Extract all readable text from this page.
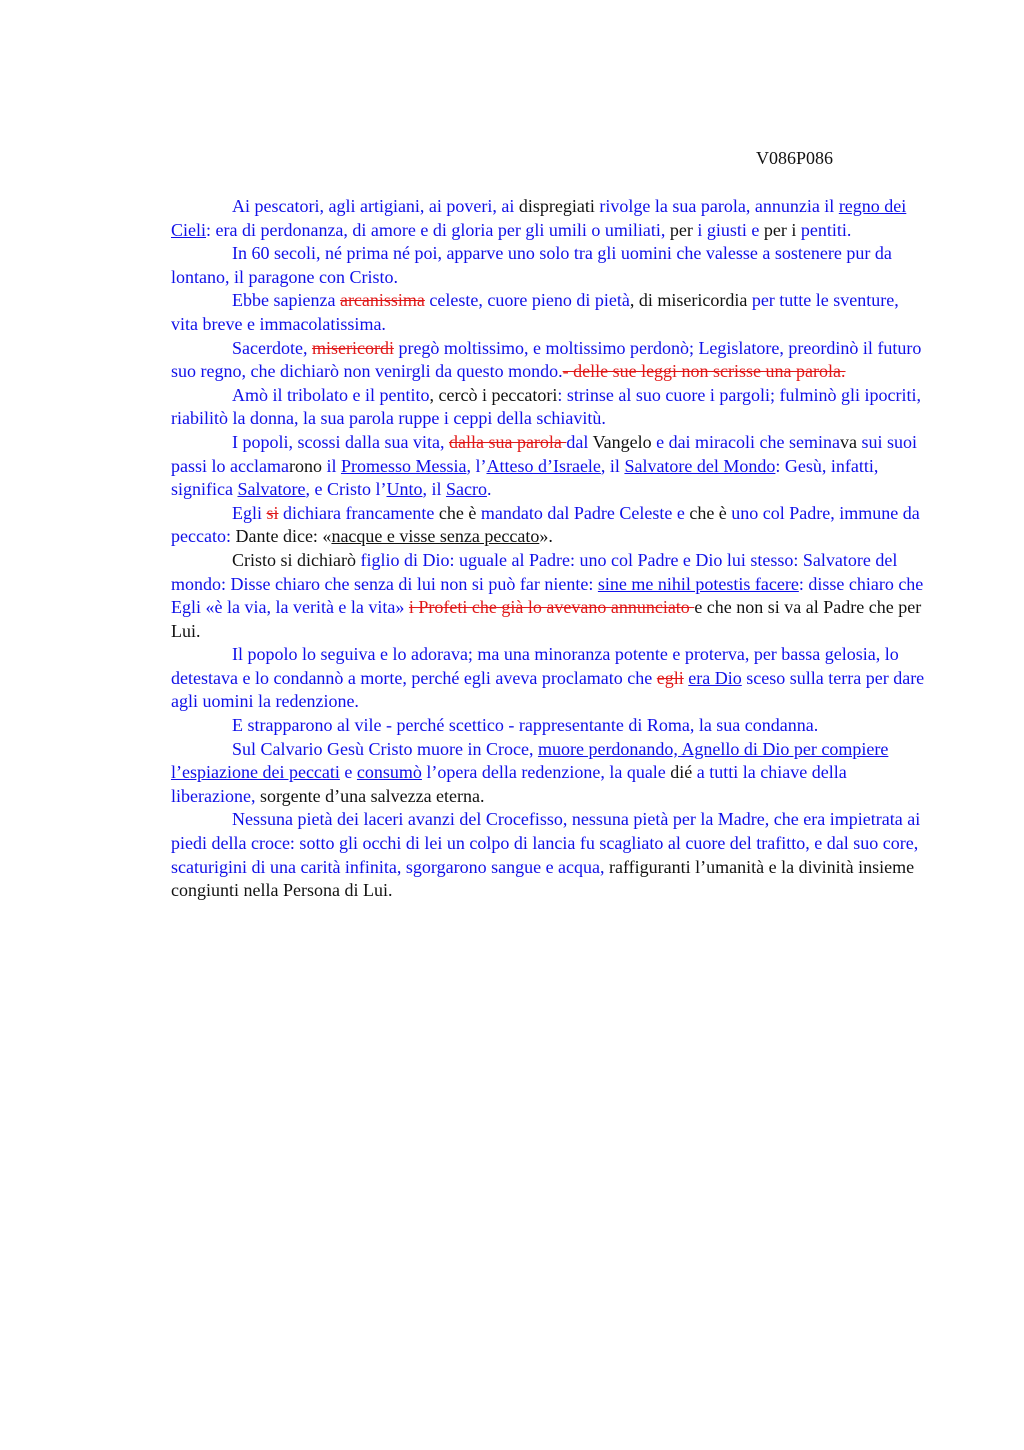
V086P086

Ai pescatori, agli artigiani, ai poveri, ai dispregiati rivolge la sua parola, annunzia il regno dei Cieli: era di perdonanza, di amore e di gloria per gli umili o umiliati, per i giusti e per i pentiti.

In 60 secoli, né prima né poi, apparve uno solo tra gli uomini che valesse a sostenere pur da lontano, il paragone con Cristo.

Ebbe sapienza arcanissima celeste, cuore pieno di pietà, di misericordia per tutte le sventure, vita breve e immacolatissima.

Sacerdote, misericordi pregò moltissimo, e moltissimo perdonò; Legislatore, preordinò il futuro suo regno, che dichiarò non venirgli da questo mondo.- delle sue leggi non scrisse una parola.

Amò il tribolato e il pentito, cercò i peccatori: strinse al suo cuore i pargoli; fulminò gli ipocriti, riabilitò la donna, la sua parola ruppe i ceppi della schiavitù.

I popoli, scossi dalla sua vita, dalla sua parola dal Vangelo e dai miracoli che seminava sui suoi passi lo acclamarono il Promesso Messia, l’Atteso d’Israele, il Salvatore del Mondo: Gesù, infatti, significa Salvatore, e Cristo l’Unto, il Sacro.

Egli si dichiara francamente che è mandato dal Padre Celeste e che è uno col Padre, immune da peccato: Dante dice: «nacque e visse senza peccato».

Cristo si dichiarò figlio di Dio: uguale al Padre: uno col Padre e Dio lui stesso: Salvatore del mondo: Disse chiaro che senza di lui non si può far niente: sine me nihil potestis facere: disse chiaro che Egli «è la via, la verità e la vita» i Profeti che già lo avevano annunciato e che non si va al Padre che per Lui.

Il popolo lo seguiva e lo adorava; ma una minoranza potente e proterva, per bassa gelosia, lo detestava e lo condannò a morte, perché egli aveva proclamato che egli era Dio sceso sulla terra per dare agli uomini la redenzione.

E strapparono al vile - perché scettico - rappresentante di Roma, la sua condanna.

Sul Calvario Gesù Cristo muore in Croce, muore perdonando, Agnello di Dio per compiere l’espiazione dei peccati e consumò l’opera della redenzione, la quale dié a tutti la chiave della liberazione, sorgente d’una salvezza eterna.

Nessuna pietà dei laceri avanzi del Crocefisso, nessuna pietà per la Madre, che era impietrata ai piedi della croce: sotto gli occhi di lei un colpo di lancia fu scagliato al cuore del trafitto, e dal suo core, scaturigini di una carità infinita, sgorgarono sangue e acqua, raffiguranti l’umanità e la divinità insieme congiunti nella Persona di Lui.
